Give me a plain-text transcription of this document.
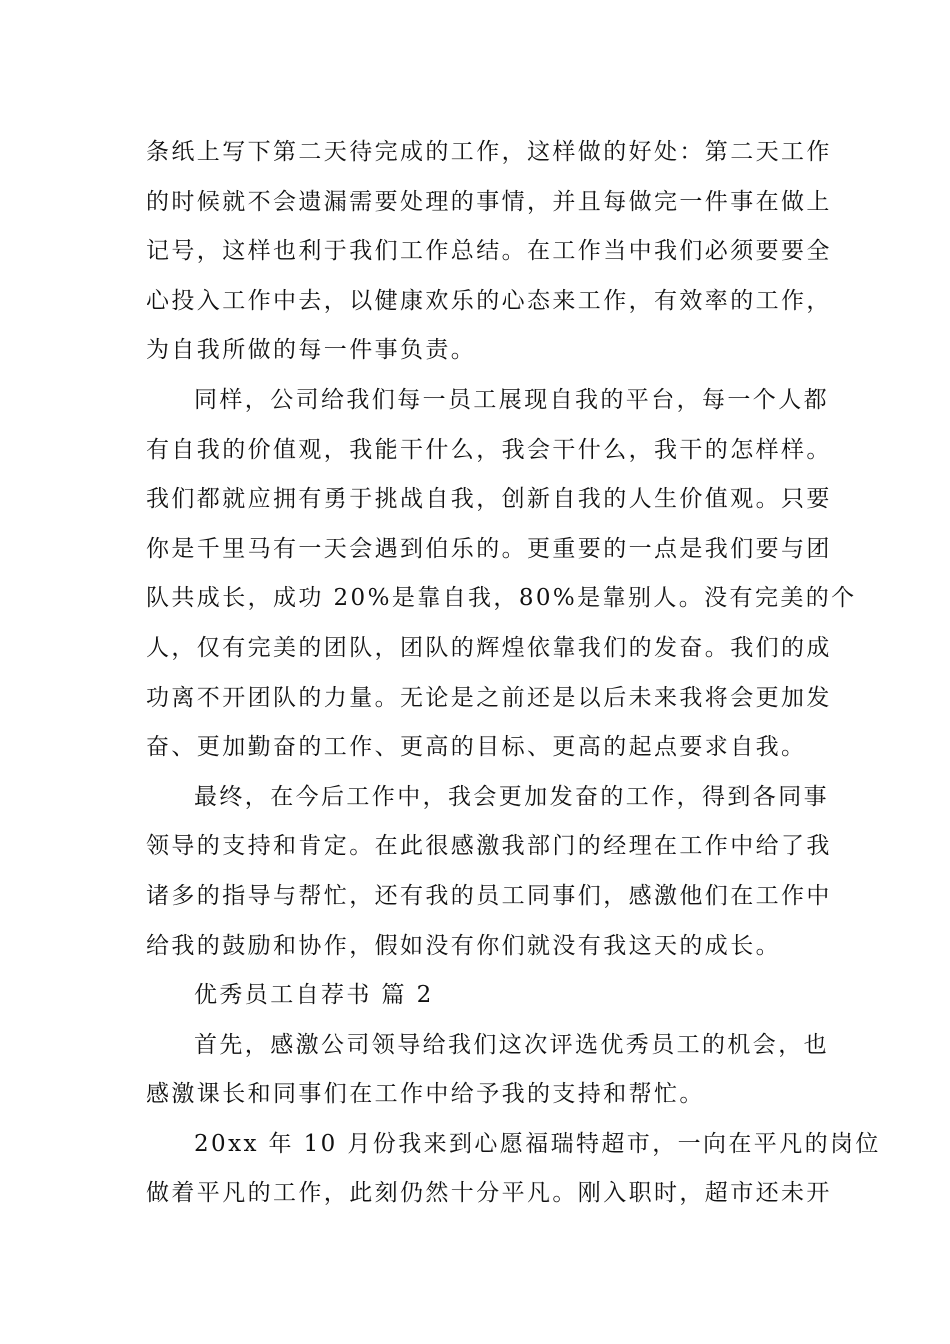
条纸上写下第二天待完成的工作，这样做的好处：第二天工作
的时候就不会遗漏需要处理的事情，并且每做完一件事在做上
记号，这样也利于我们工作总结。在工作当中我们必须要要全
心投入工作中去，以健康欢乐的心态来工作，有效率的工作，
为自我所做的每一件事负责。
同样，公司给我们每一员工展现自我的平台，每一个人都
有自我的价值观，我能干什么，我会干什么，我干的怎样样。
我们都就应拥有勇于挑战自我，创新自我的人生价值观。只要
你是千里马有一天会遇到伯乐的。更重要的一点是我们要与团
队共成长，成功 20%是靠自我，80%是靠别人。没有完美的个
人，仅有完美的团队，团队的辉煌依靠我们的发奋。我们的成
功离不开团队的力量。无论是之前还是以后未来我将会更加发
奋、更加勤奋的工作、更高的目标、更高的起点要求自我。
最终，在今后工作中，我会更加发奋的工作，得到各同事
领导的支持和肯定。在此很感激我部门的经理在工作中给了我
诸多的指导与帮忙，还有我的员工同事们，感激他们在工作中
给我的鼓励和协作，假如没有你们就没有我这天的成长。
优秀员工自荐书 篇 2
首先，感激公司领导给我们这次评选优秀员工的机会，也
感激课长和同事们在工作中给予我的支持和帮忙。
20xx 年 10 月份我来到心愿福瑞特超市，一向在平凡的岗位
做着平凡的工作，此刻仍然十分平凡。刚入职时，超市还未开
